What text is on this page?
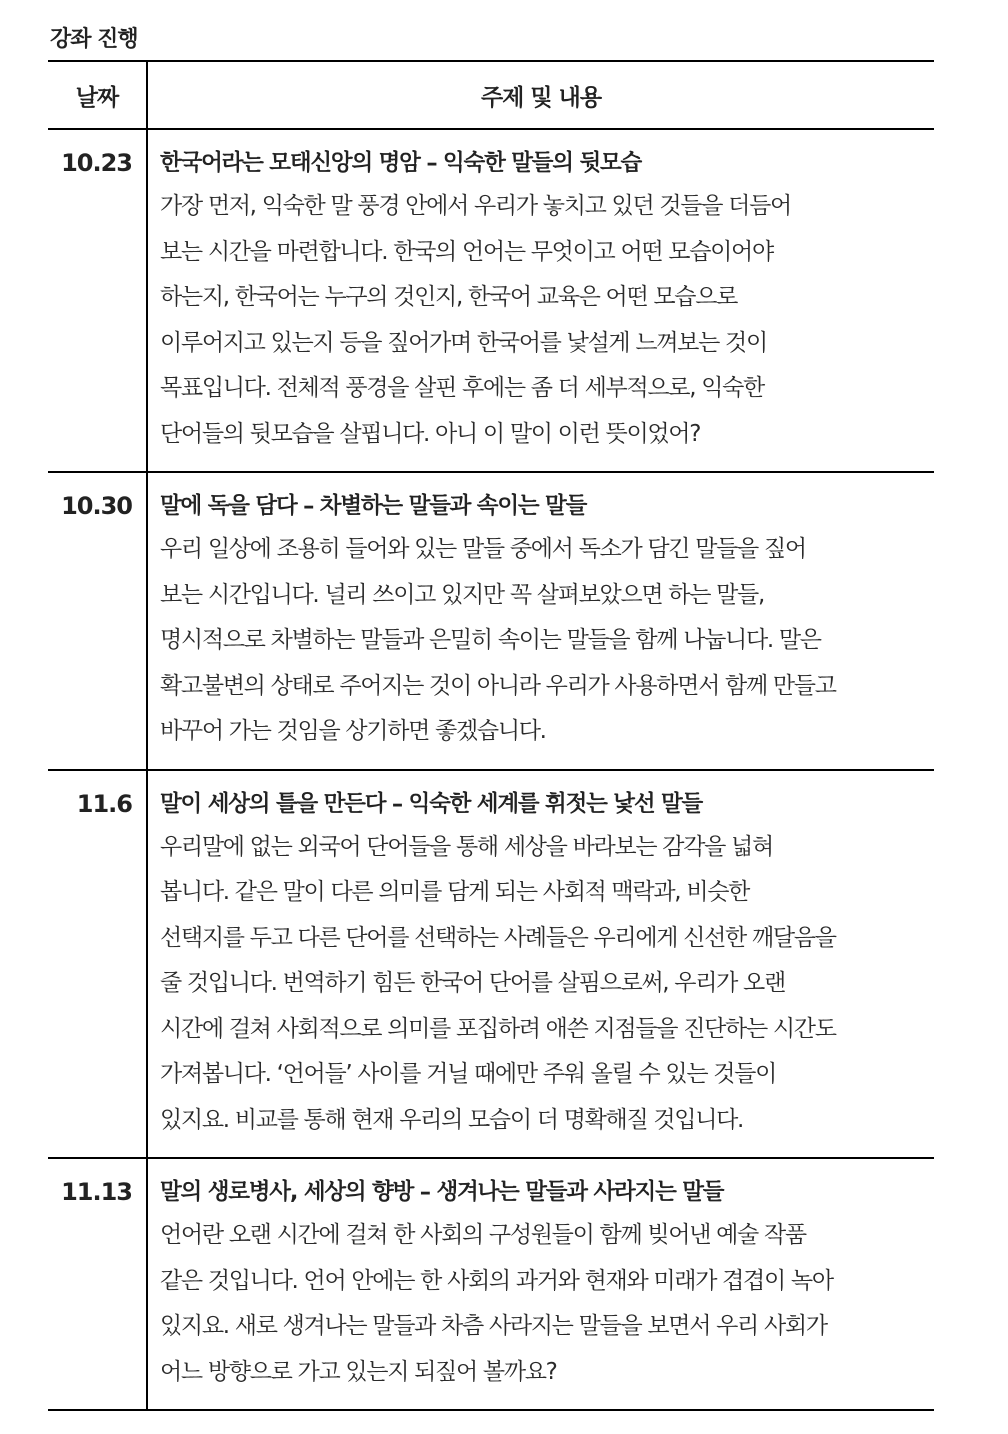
강좌 진행
날짜	주제 및 내용

10.23	한국어라는 모태신앙의 명암 – 익숙한 말들의 뒷모습
가장 먼저, 익숙한 말 풍경 안에서 우리가 놓치고 있던 것들을 더듬어
보는 시간을 마련합니다. 한국의 언어는 무엇이고 어떤 모습이어야
하는지, 한국어는 누구의 것인지, 한국어 교육은 어떤 모습으로
이루어지고 있는지 등을 짚어가며 한국어를 낯설게 느껴보는 것이
목표입니다. 전체적 풍경을 살핀 후에는 좀 더 세부적으로, 익숙한
단어들의 뒷모습을 살핍니다. 아니 이 말이 이런 뜻이었어?

10.30	말에 독을 담다 – 차별하는 말들과 속이는 말들
우리 일상에 조용히 들어와 있는 말들 중에서 독소가 담긴 말들을 짚어
보는 시간입니다. 널리 쓰이고 있지만 꼭 살펴보았으면 하는 말들,
명시적으로 차별하는 말들과 은밀히 속이는 말들을 함께 나눕니다. 말은
확고불변의 상태로 주어지는 것이 아니라 우리가 사용하면서 함께 만들고
바꾸어 가는 것임을 상기하면 좋겠습니다.

11.6	말이 세상의 틀을 만든다 – 익숙한 세계를 휘젓는 낯선 말들
우리말에 없는 외국어 단어들을 통해 세상을 바라보는 감각을 넓혀
봅니다. 같은 말이 다른 의미를 담게 되는 사회적 맥락과, 비슷한
선택지를 두고 다른 단어를 선택하는 사례들은 우리에게 신선한 깨달음을
줄 것입니다. 번역하기 힘든 한국어 단어를 살핌으로써, 우리가 오랜
시간에 걸쳐 사회적으로 의미를 포집하려 애쓴 지점들을 진단하는 시간도
가져봅니다. ‘언어들’ 사이를 거닐 때에만 주워 올릴 수 있는 것들이
있지요. 비교를 통해 현재 우리의 모습이 더 명확해질 것입니다.

11.13	말의 생로병사, 세상의 향방 – 생겨나는 말들과 사라지는 말들
언어란 오랜 시간에 걸쳐 한 사회의 구성원들이 함께 빚어낸 예술 작품
같은 것입니다. 언어 안에는 한 사회의 과거와 현재와 미래가 겹겹이 녹아
있지요. 새로 생겨나는 말들과 차츰 사라지는 말들을 보면서 우리 사회가
어느 방향으로 가고 있는지 되짚어 볼까요?
